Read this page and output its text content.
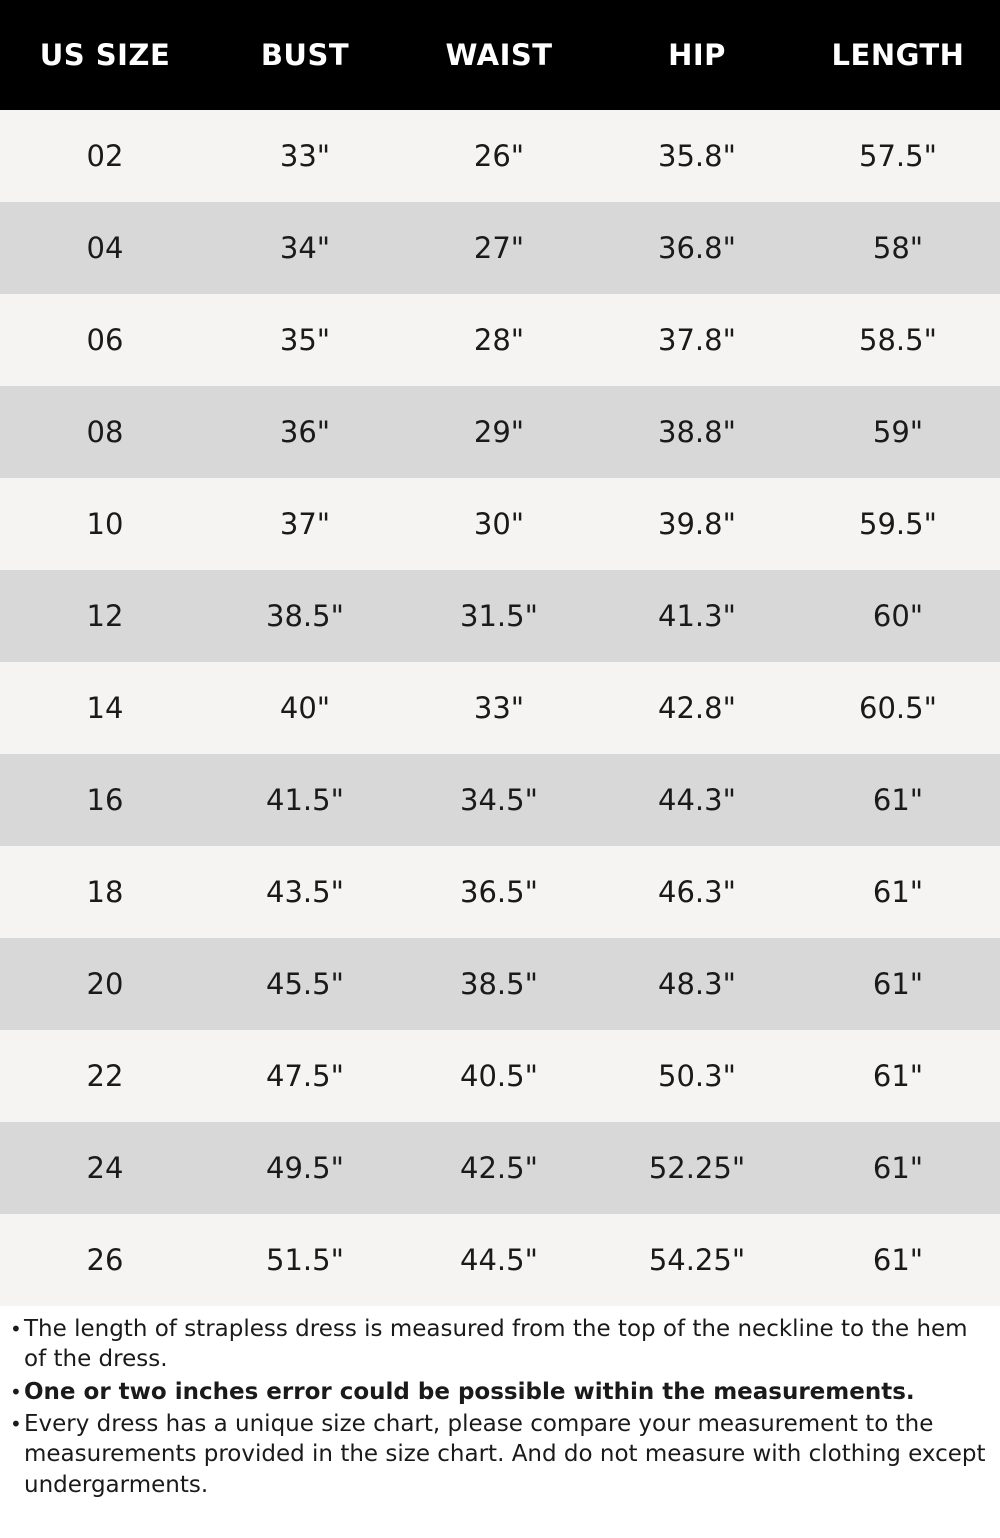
US SIZE	BUST	WAIST	HIP	LENGTH
02	33"	26"	35.8"	57.5"
04	34"	27"	36.8"	58"
06	35"	28"	37.8"	58.5"
08	36"	29"	38.8"	59"
10	37"	30"	39.8"	59.5"
12	38.5"	31.5"	41.3"	60"
14	40"	33"	42.8"	60.5"
16	41.5"	34.5"	44.3"	61"
18	43.5"	36.5"	46.3"	61"
20	45.5"	38.5"	48.3"	61"
22	47.5"	40.5"	50.3"	61"
24	49.5"	42.5"	52.25"	61"
26	51.5"	44.5"	54.25"	61"
• The length of strapless dress is measured from the top of the neckline to the hem of the dress.
• One or two inches error could be possible within the measurements.
• Every dress has a unique size chart, please compare your measurement to the measurements provided in the size chart. And do not measure with clothing except undergarments.
